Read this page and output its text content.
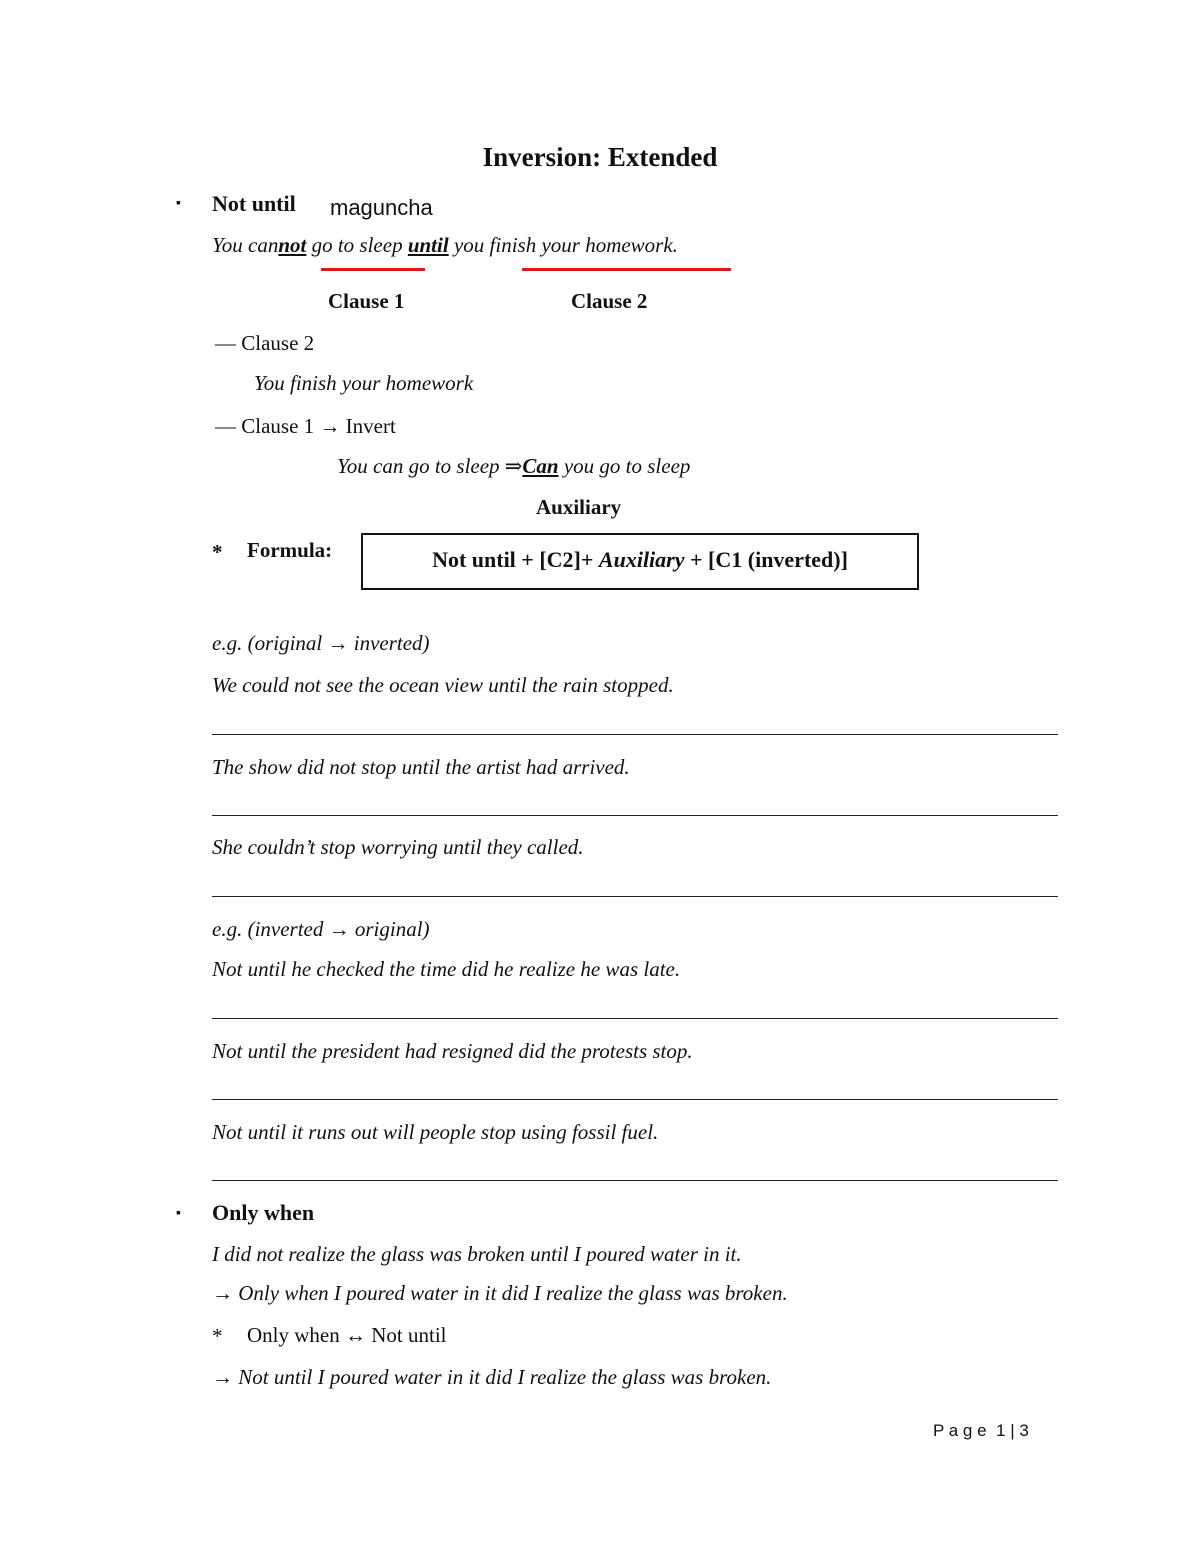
Inversion: Extended
▪ Not until maguncha
You cannot go to sleep until you finish your homework.
Clause 1	Clause 2
— Clause 2
You finish your homework
— Clause 1 → Invert
You can go to sleep ⇒Can you go to sleep
Auxiliary
* Formula:	Not until + [C2]+ Auxiliary + [C1 (inverted)]
e.g. (original → inverted)
We could not see the ocean view until the rain stopped.
The show did not stop until the artist had arrived.
She couldn’t stop worrying until they called.
e.g. (inverted → original)
Not until he checked the time did he realize he was late.
Not until the president had resigned did the protests stop.
Not until it runs out will people stop using fossil fuel.
▪ Only when
I did not realize the glass was broken until I poured water in it.
→ Only when I poured water in it did I realize the glass was broken.
* Only when ↔ Not until
→ Not until I poured water in it did I realize the glass was broken.
P a g e  1 | 3
